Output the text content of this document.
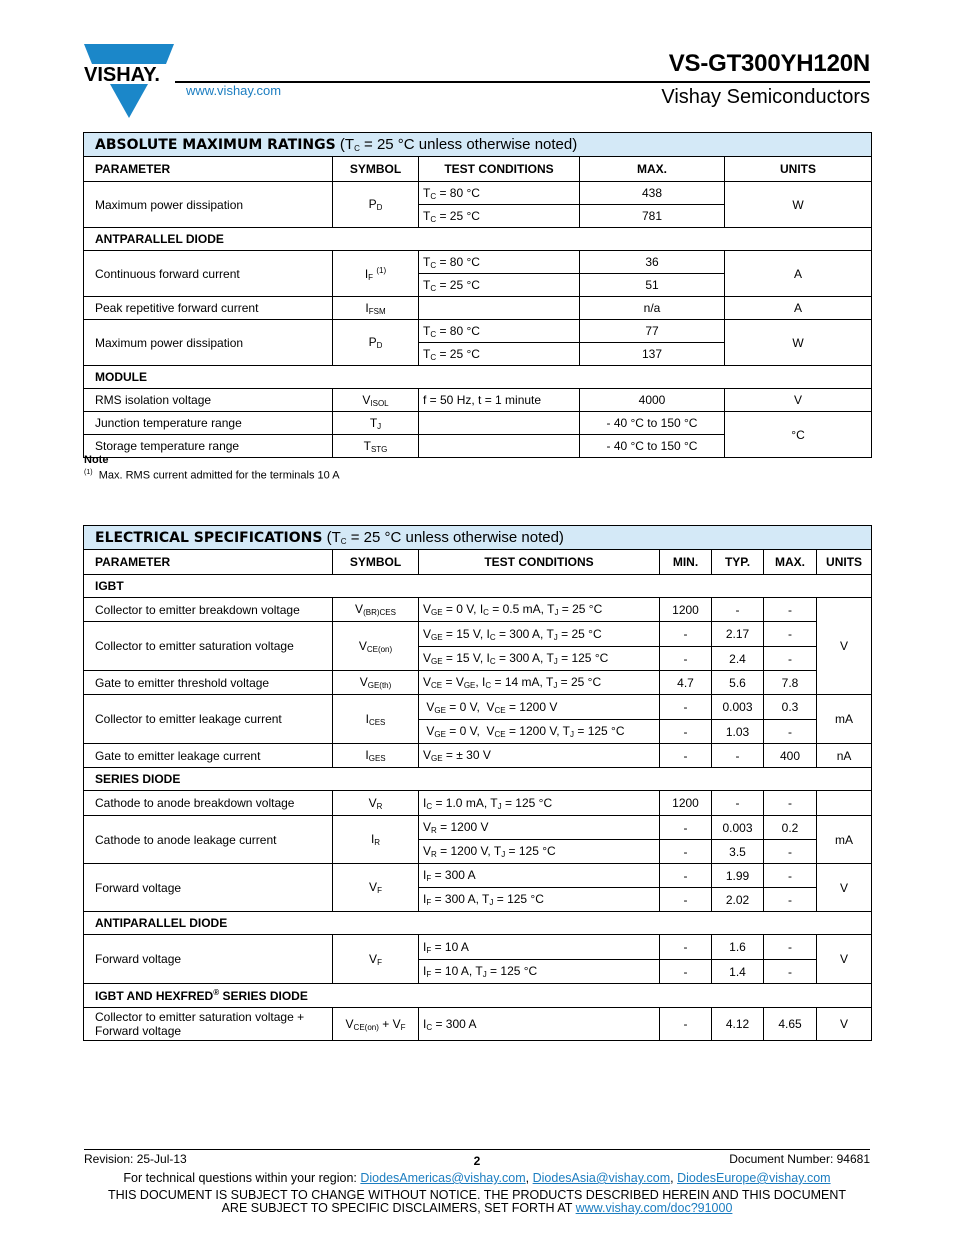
VISHAY.
www.vishay.com
VS-GT300YH120N
Vishay Semiconductors
ABSOLUTE MAXIMUM RATINGS ($T_C = 25$ °C unless otherwise noted)				
PARAMETER	SYMBOL	TEST CONDITIONS	MAX.	UNITS
Maximum power dissipation	$P_D$	$T_C = 80$ °C	438	W
		$T_C = 25$ °C	781	
ANTPARALLEL DIODE				
Continuous forward current	$I_F$ $^{(1)}$	$T_C = 80$ °C	36	A
		$T_C = 25$ °C	51	
Peak repetitive forward current	$I_{FSM}$		n/a	A
Maximum power dissipation	$P_D$	$T_C = 80$ °C	77	W
		$T_C = 25$ °C	137	
MODULE				
RMS isolation voltage	$V_{ISOL}$	f = 50 Hz, t = 1 minute	4000	V
Junction temperature range	$T_J$		- 40 °C to 150 °C	°C
Storage temperature range	$T_{STG}$		- 40 °C to 150 °C	
Note
$^{(1)}$ Max. RMS current admitted for the terminals 10 A
ELECTRICAL SPECIFICATIONS ($T_C = 25$ °C unless otherwise noted)						
PARAMETER	SYMBOL	TEST CONDITIONS	MIN.	TYP.	MAX.	UNITS
IGBT						
Collector to emitter breakdown voltage	$V_{(BR)CES}$	$V_{GE} = 0$ V, $I_C = 0.5$ mA, $T_J = 25$ °C	1200	-	-	V
Collector to emitter saturation voltage	$V_{CE(on)}$	$V_{GE} = 15$ V, $I_C = 300$ A, $T_J = 25$ °C	-	2.17	-	
		$V_{GE} = 15$ V, $I_C = 300$ A, $T_J = 125$ °C	-	2.4	-	
Gate to emitter threshold voltage	$V_{GE(th)}$	$V_{CE} = V_{GE}$, $I_C = 14$ mA, $T_J = 25$ °C	4.7	5.6	7.8	
Collector to emitter leakage current	$I_{CES}$	$V_{GE} = 0$ V,  $V_{CE} = 1200$ V	-	0.003	0.3	mA
		$V_{GE} = 0$ V,  $V_{CE} = 1200$ V, $T_J = 125$ °C	-	1.03	-	
Gate to emitter leakage current	$I_{GES}$	$V_{GE}$ = ± 30 V	-	-	400	nA
SERIES DIODE						
Cathode to anode breakdown voltage	$V_R$	$I_C = 1.0$ mA, $T_J = 125$ °C	1200	-	-	
Cathode to anode leakage current	$I_R$	$V_R = 1200$ V	-	0.003	0.2	mA
		$V_R = 1200$ V, $T_J = 125$ °C	-	3.5	-	
Forward voltage	$V_F$	$I_F = 300$ A	-	1.99	-	V
		$I_F = 300$ A, $T_J = 125$ °C	-	2.02	-	
ANTIPARALLEL DIODE						
Forward voltage	$V_F$	$I_F = 10$ A	-	1.6	-	V
		$I_F = 10$ A, $T_J = 125$ °C	-	1.4	-	
IGBT AND HEXFRED® SERIES DIODE						
Collector to emitter saturation voltage +
Forward voltage	$V_{CE(on)} + V_F$	$I_C = 300$ A	-	4.12	4.65	V
Revision: 25-Jul-13	2	Document Number: 94681
For technical questions within your region: DiodesAmericas@vishay.com, DiodesAsia@vishay.com, DiodesEurope@vishay.com
THIS DOCUMENT IS SUBJECT TO CHANGE WITHOUT NOTICE. THE PRODUCTS DESCRIBED HEREIN AND THIS DOCUMENT
ARE SUBJECT TO SPECIFIC DISCLAIMERS, SET FORTH AT www.vishay.com/doc?91000
